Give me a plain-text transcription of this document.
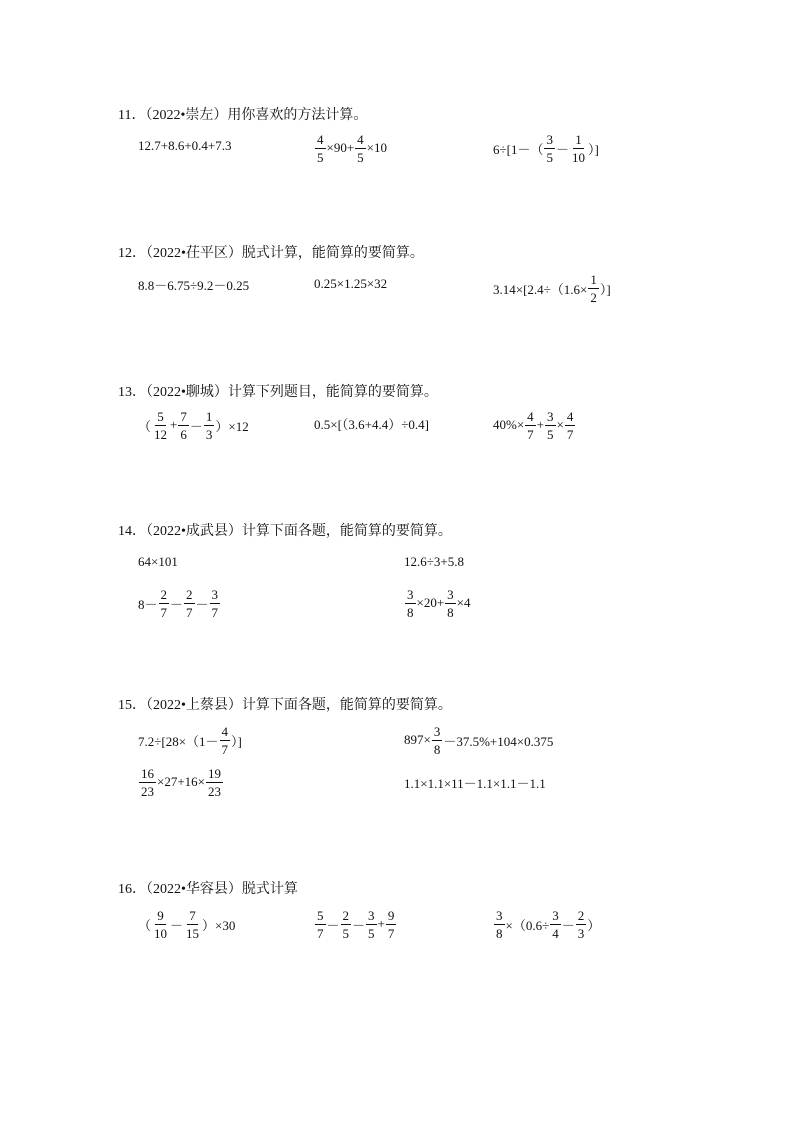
11．（2022•崇左）用你喜欢的方法计算。
12.7+8.6+0.4+7.3	$\frac{4}{5} \times 90+ \frac{4}{5} \times 10$	$6\div[1-( \frac{3}{5} - \frac{1}{10}$ ）]
12．（2022•茌平区）脱式计算，能简算的要简算。
8.8－6.75÷9.2－0.25	0.25×1.25×32	$3.14\times[2.4\div(1.6\times \frac{1}{2}$ ）]
13．（2022•聊城）计算下列题目，能简算的要简算。
（ $\frac{5}{12} + \frac{7}{6} - \frac{1}{3} )\times 12$	0.5×[（3.6+4.4）÷0.4]	$40\%\times \frac{4}{7} + \frac{3}{5} \times \frac{4}{7}$
14．（2022•成武县）计算下面各题，能简算的要简算。
64×101	12.6÷3+5.8
$8- \frac{2}{7} - \frac{2}{7} - \frac{3}{7}$	$\frac{3}{8} \times 20+ \frac{3}{8} \times 4$
15．（2022•上蔡县）计算下面各题，能简算的要简算。
$7.2\div[28\times(1- \frac{4}{7}$ ）]	$897\times \frac{3}{8} -37.5\%+104\times 0.375$
$\frac{16}{23} \times 27+16\times \frac{19}{23}$	1.1×1.1×11－1.1×1.1－1.1
16．（2022•华容县）脱式计算
（ $\frac{9}{10} - \frac{7}{15} )\times 30$	$\frac{5}{7} - \frac{2}{5} - \frac{3}{5} + \frac{9}{7}$	$\frac{3}{8} \times(0.6\div \frac{3}{4} - \frac{2}{3}$ ）
